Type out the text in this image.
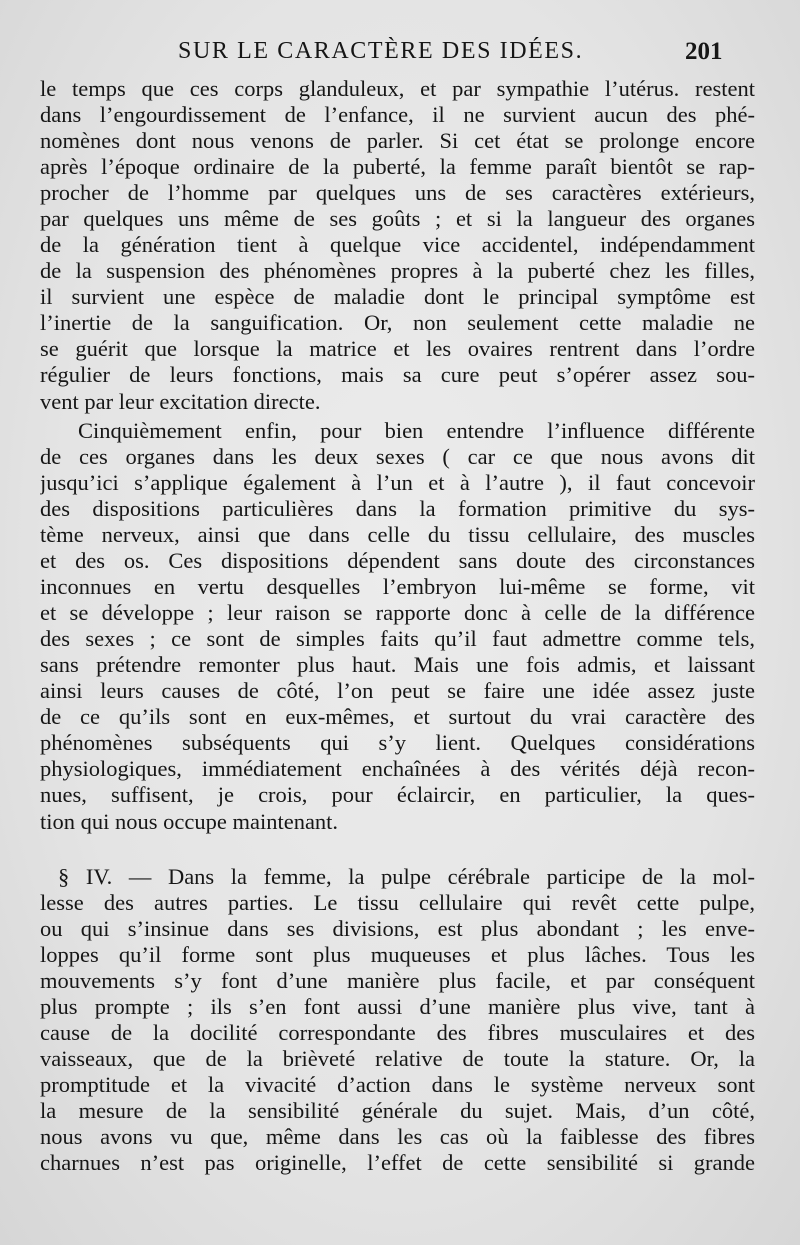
SUR LE CARACTÈRE DES IDÉES.	201
le temps que ces corps glanduleux, et par sympathie l’utérus. restent
dans l’engourdissement de l’enfance, il ne survient aucun des phé-
nomènes dont nous venons de parler. Si cet état se prolonge encore
après l’époque ordinaire de la puberté, la femme paraît bientôt se rap-
procher de l’homme par quelques uns de ses caractères extérieurs,
par quelques uns même de ses goûts ; et si la langueur des organes
de la génération tient à quelque vice accidentel, indépendamment
de la suspension des phénomènes propres à la puberté chez les filles,
il survient une espèce de maladie dont le principal symptôme est
l’inertie de la sanguification. Or, non seulement cette maladie ne
se guérit que lorsque la matrice et les ovaires rentrent dans l’ordre
régulier de leurs fonctions, mais sa cure peut s’opérer assez sou-
vent par leur excitation directe.
Cinquièmement enfin, pour bien entendre l’influence différente
de ces organes dans les deux sexes ( car ce que nous avons dit
jusqu’ici s’applique également à l’un et à l’autre ), il faut concevoir
des dispositions particulières dans la formation primitive du sys-
tème nerveux, ainsi que dans celle du tissu cellulaire, des muscles
et des os. Ces dispositions dépendent sans doute des circonstances
inconnues en vertu desquelles l’embryon lui-même se forme, vit
et se développe ; leur raison se rapporte donc à celle de la différence
des sexes ; ce sont de simples faits qu’il faut admettre comme tels,
sans prétendre remonter plus haut. Mais une fois admis, et laissant
ainsi leurs causes de côté, l’on peut se faire une idée assez juste
de ce qu’ils sont en eux-mêmes, et surtout du vrai caractère des
phénomènes subséquents qui s’y lient. Quelques considérations
physiologiques, immédiatement enchaînées à des vérités déjà recon-
nues, suffisent, je crois, pour éclaircir, en particulier, la ques-
tion qui nous occupe maintenant.
§ IV. — Dans la femme, la pulpe cérébrale participe de la mol-
lesse des autres parties. Le tissu cellulaire qui revêt cette pulpe,
ou qui s’insinue dans ses divisions, est plus abondant ; les enve-
loppes qu’il forme sont plus muqueuses et plus lâches. Tous les
mouvements s’y font d’une manière plus facile, et par conséquent
plus prompte ; ils s’en font aussi d’une manière plus vive, tant à
cause de la docilité correspondante des fibres musculaires et des
vaisseaux, que de la brièveté relative de toute la stature. Or, la
promptitude et la vivacité d’action dans le système nerveux sont
la mesure de la sensibilité générale du sujet. Mais, d’un côté,
nous avons vu que, même dans les cas où la faiblesse des fibres
charnues n’est pas originelle, l’effet de cette sensibilité si grande
